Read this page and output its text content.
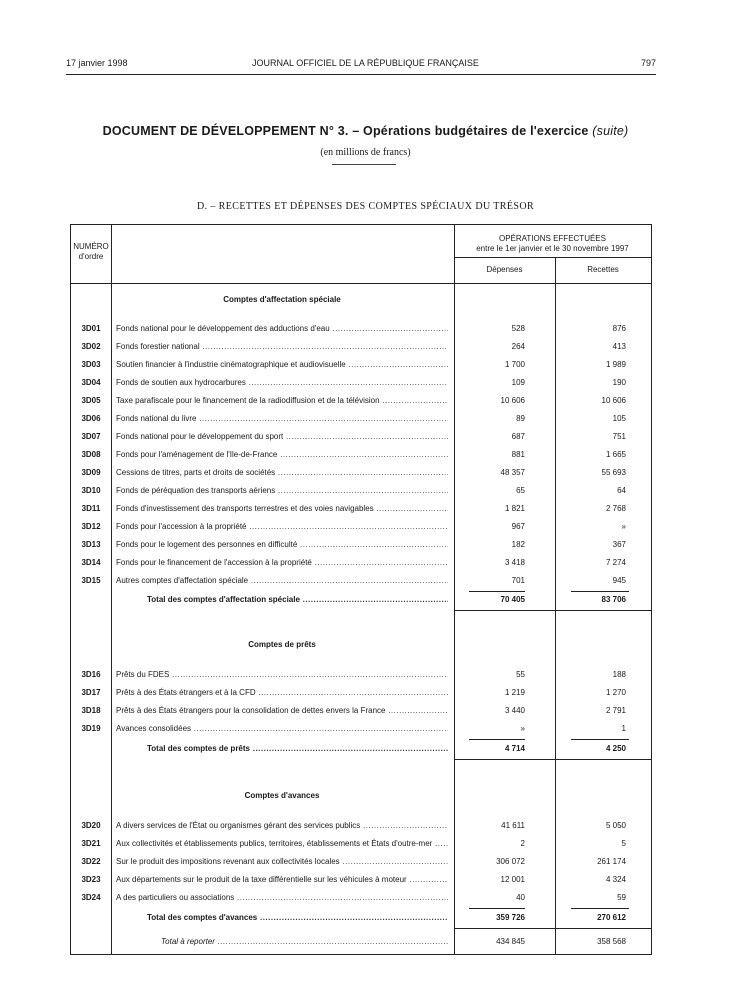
17 janvier 1998	JOURNAL OFFICIEL DE LA RÉPUBLIQUE FRANÇAISE	797
DOCUMENT DE DÉVELOPPEMENT N° 3. – Opérations budgétaires de l'exercice (suite)
(en millions de francs)
D. – RECETTES ET DÉPENSES DES COMPTES SPÉCIAUX DU TRÉSOR
NUMÉRO
d'ordre
OPÉRATIONS EFFECTUÉES
entre le 1er janvier et le 30 novembre 1997
Dépenses	Recettes
Comptes d'affectation spéciale
3D01	Fonds national pour le développement des adductions d'eau .....	528	876
3D02	Fonds forestier national .....	264	413
3D03	Soutien financier à l'industrie cinématographique et audiovisuelle .....	1 700	1 989
3D04	Fonds de soutien aux hydrocarbures .....	109	190
3D05	Taxe parafiscale pour le financement de la radiodiffusion et de la télévision .....	10 606	10 606
3D06	Fonds national du livre .....	89	105
3D07	Fonds national pour le développement du sport .....	687	751
3D08	Fonds pour l'aménagement de l'Ile-de-France .....	881	1 665
3D09	Cessions de titres, parts et droits de sociétés .....	48 357	55 693
3D10	Fonds de péréquation des transports aériens .....	65	64
3D11	Fonds d'investissement des transports terrestres et des voies navigables .....	1 821	2 768
3D12	Fonds pour l'accession à la propriété .....	967	»
3D13	Fonds pour le logement des personnes en difficulté .....	182	367
3D14	Fonds pour le financement de l'accession à la propriété .....	3 418	7 274
3D15	Autres comptes d'affectation spéciale .....	701	945
Total des comptes d'affectation spéciale .....	70 405	83 706
Comptes de prêts
3D16	Prêts du FDES .....	55	188
3D17	Prêts à des États étrangers et à la CFD .....	1 219	1 270
3D18	Prêts à des États étrangers pour la consolidation de dettes envers la France .....	3 440	2 791
3D19	Avances consolidées .....	»	1
Total des comptes de prêts .....	4 714	4 250
Comptes d'avances
3D20	A divers services de l'État ou organismes gérant des services publics .....	41 611	5 050
3D21	Aux collectivités et établissements publics, territoires, établissements et États d'outre-mer .....	2	5
3D22	Sur le produit des impositions revenant aux collectivités locales .....	306 072	261 174
3D23	Aux départements sur le produit de la taxe différentielle sur les véhicules à moteur .....	12 001	4 324
3D24	A des particuliers ou associations .....	40	59
Total des comptes d'avances .....	359 726	270 612
Total à reporter .....	434 845	358 568
